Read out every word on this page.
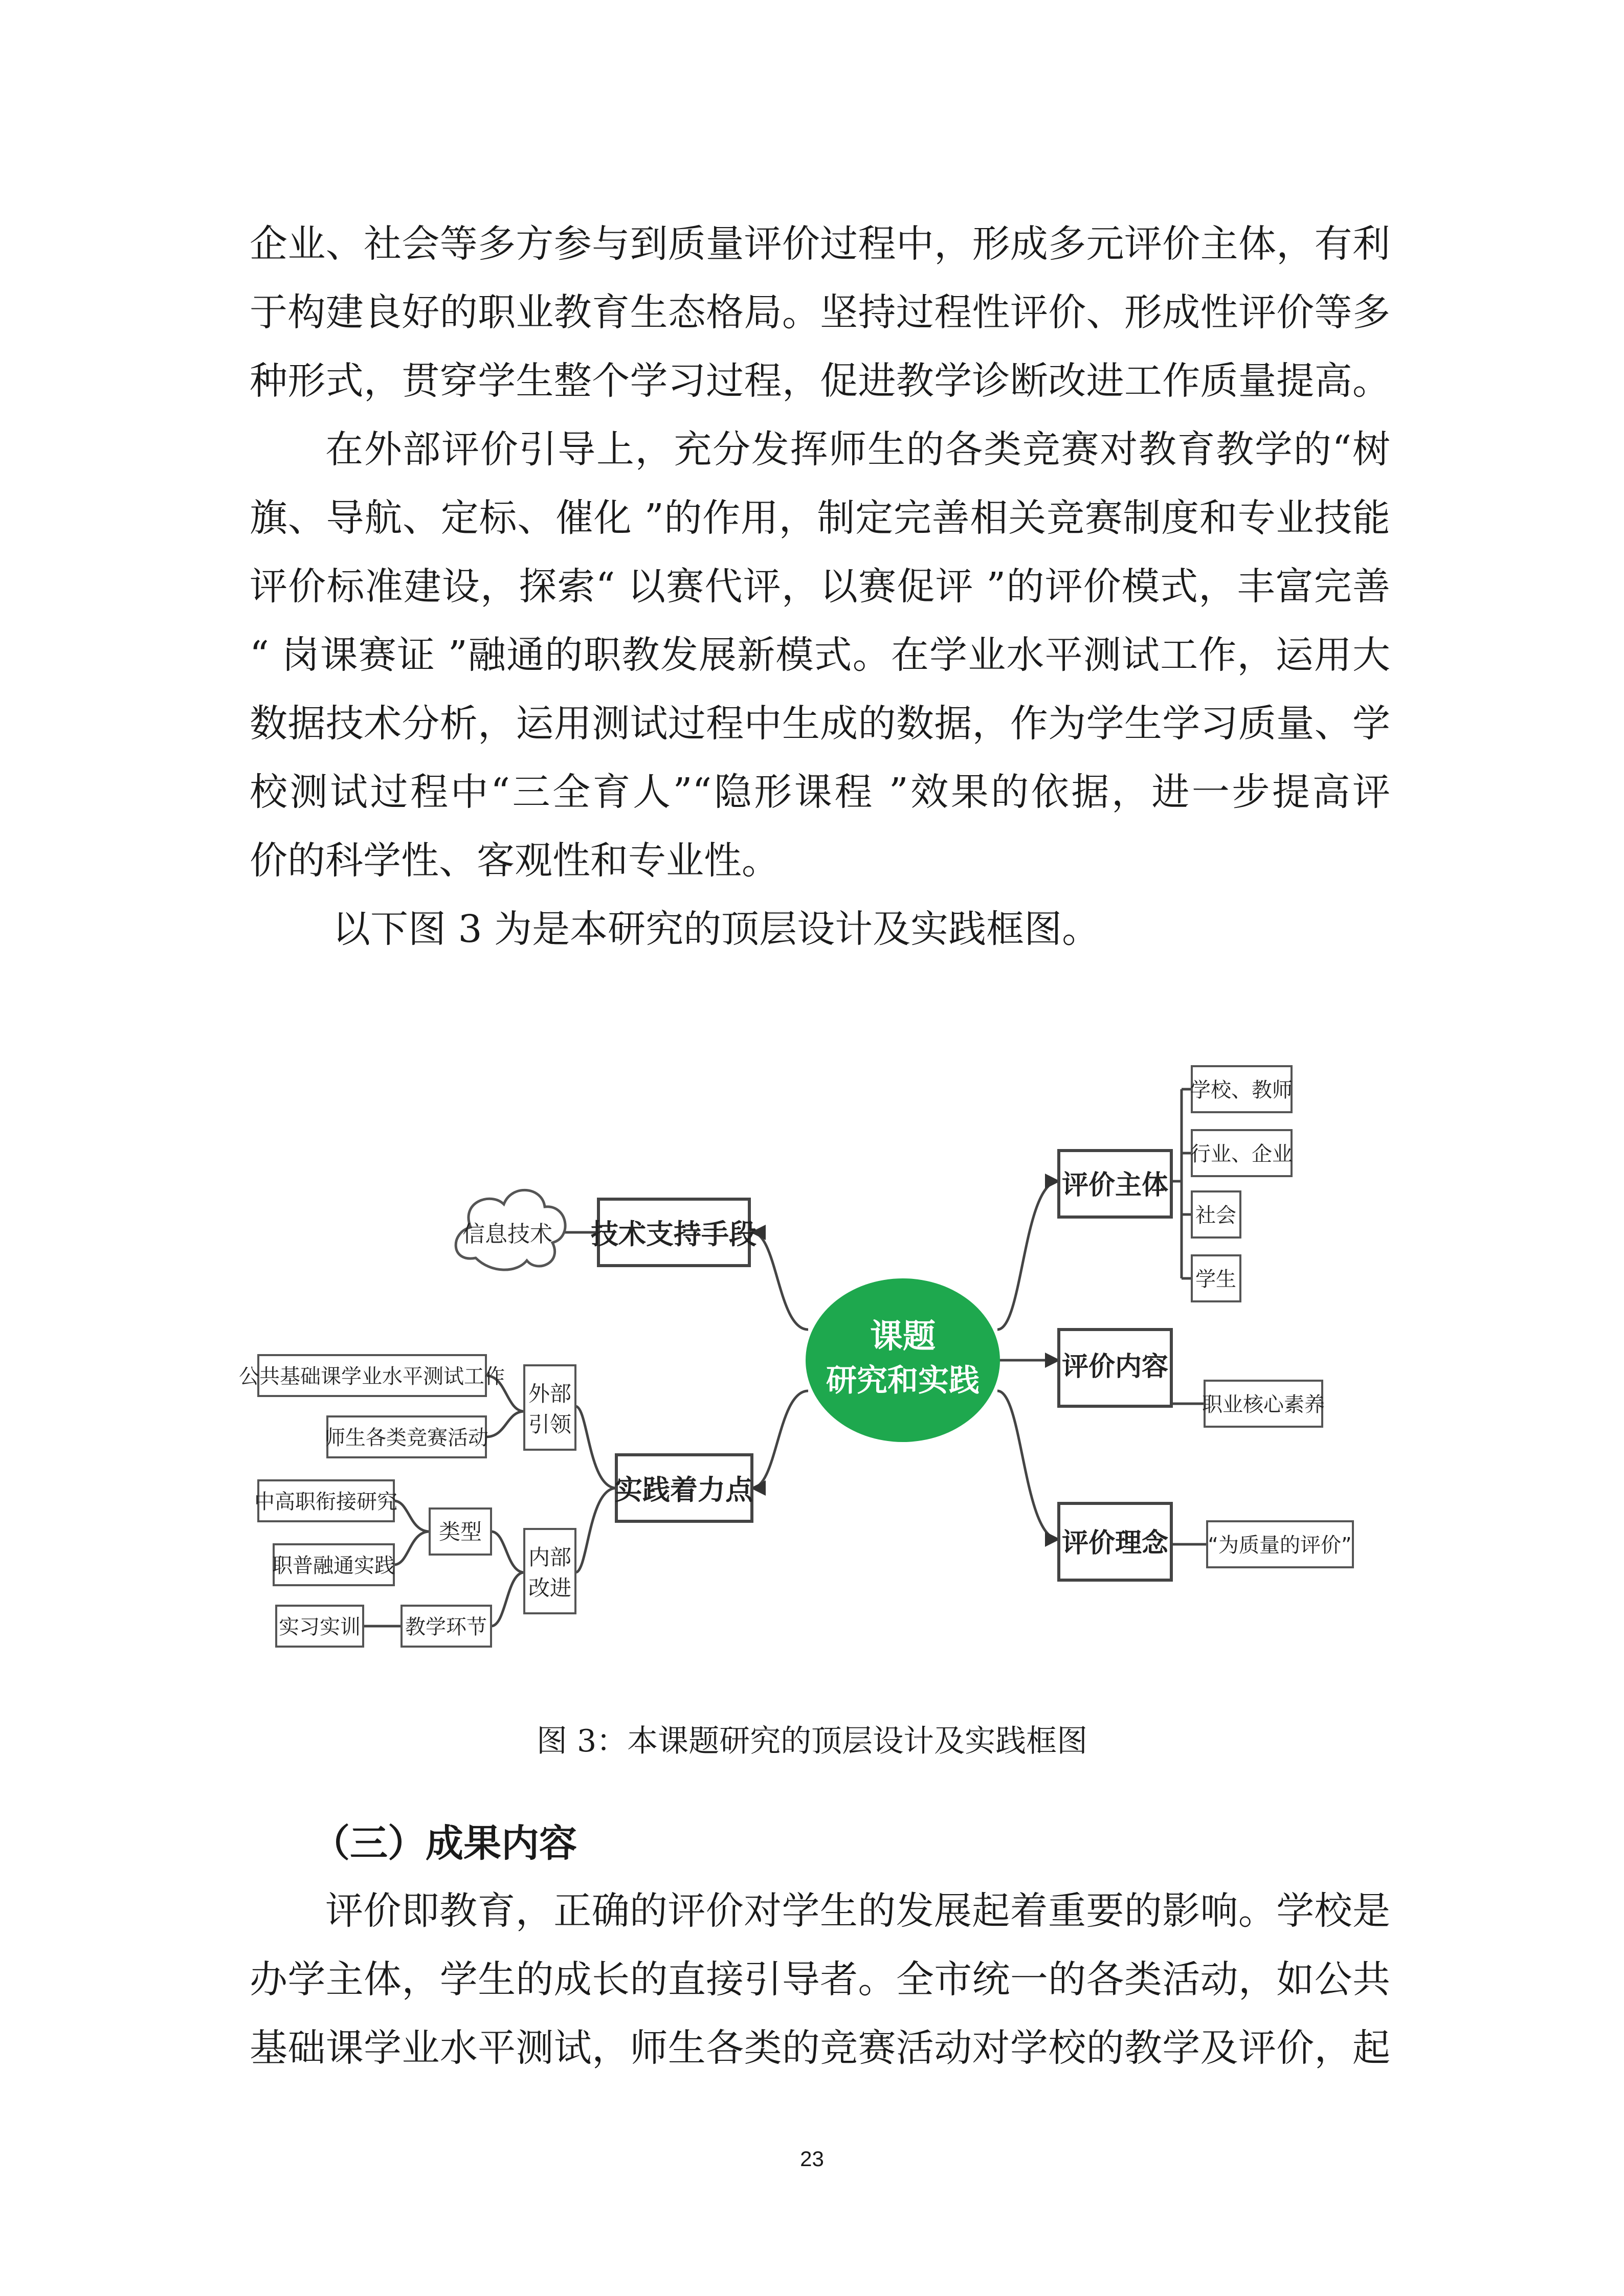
企业、社会等多方参与到质量评价过程中，形成多元评价主体，有利

于构建良好的职业教育生态格局。坚持过程性评价、形成性评价等多

种形式，贯穿学生整个学习过程，促进教学诊断改进工作质量提高。

在外部评价引导上，充分发挥师生的各类竞赛对教育教学的“树

旗、导航、定标、催化 ”的作用，制定完善相关竞赛制度和专业技能

评价标准建设，探索“ 以赛代评，以赛促评 ”的评价模式，丰富完善

“ 岗课赛证 ”融通的职教发展新模式。在学业水平测试工作，运用大

数据技术分析，运用测试过程中生成的数据，作为学生学习质量、学

校测试过程中“三全育人”“隐形课程 ”效果的依据，进一步提高评

价的科学性、客观性和专业性。

以下图 3 为是本研究的顶层设计及实践框图。

课题
研究和实践
信息技术 技术支持手段
实践着力点
外部
引领
内部
改进
公共基础课学业水平测试工作
师生各类竞赛活动
类型
中高职衔接研究
职普融通实践
教学环节
实习实训
评价主体
评价内容
评价理念
学校、教师
行业、企业
社会
学生
职业核心素养
“为质量的评价”
图 3：本课题研究的顶层设计及实践框图
（三）成果内容

评价即教育，正确的评价对学生的发展起着重要的影响。学校是

办学主体，学生的成长的直接引导者。全市统一的各类活动，如公共

基础课学业水平测试，师生各类的竞赛活动对学校的教学及评价，起

23
